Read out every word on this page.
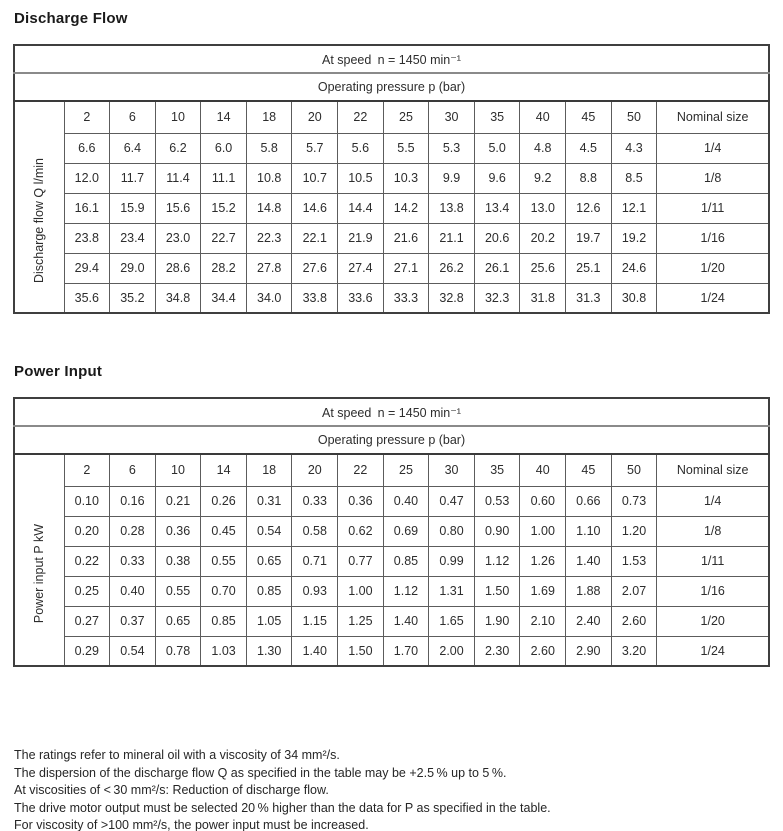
Discharge Flow
At speed n = 1450 min⁻¹														
Operating pressure p (bar)														
Discharge flow Q l/min	2	6	10	14	18	20	22	25	30	35	40	45	50	Nominal size
	6.6	6.4	6.2	6.0	5.8	5.7	5.6	5.5	5.3	5.0	4.8	4.5	4.3	1/4
	12.0	11.7	11.4	11.1	10.8	10.7	10.5	10.3	9.9	9.6	9.2	8.8	8.5	1/8
	16.1	15.9	15.6	15.2	14.8	14.6	14.4	14.2	13.8	13.4	13.0	12.6	12.1	1/11
	23.8	23.4	23.0	22.7	22.3	22.1	21.9	21.6	21.1	20.6	20.2	19.7	19.2	1/16
	29.4	29.0	28.6	28.2	27.8	27.6	27.4	27.1	26.2	26.1	25.6	25.1	24.6	1/20
	35.6	35.2	34.8	34.4	34.0	33.8	33.6	33.3	32.8	32.3	31.8	31.3	30.8	1/24
Power Input
At speed n = 1450 min⁻¹														
Operating pressure p (bar)														
Power input P kW	2	6	10	14	18	20	22	25	30	35	40	45	50	Nominal size
	0.10	0.16	0.21	0.26	0.31	0.33	0.36	0.40	0.47	0.53	0.60	0.66	0.73	1/4
	0.20	0.28	0.36	0.45	0.54	0.58	0.62	0.69	0.80	0.90	1.00	1.10	1.20	1/8
	0.22	0.33	0.38	0.55	0.65	0.71	0.77	0.85	0.99	1.12	1.26	1.40	1.53	1/11
	0.25	0.40	0.55	0.70	0.85	0.93	1.00	1.12	1.31	1.50	1.69	1.88	2.07	1/16
	0.27	0.37	0.65	0.85	1.05	1.15	1.25	1.40	1.65	1.90	2.10	2.40	2.60	1/20
	0.29	0.54	0.78	1.03	1.30	1.40	1.50	1.70	2.00	2.30	2.60	2.90	3.20	1/24
The ratings refer to mineral oil with a viscosity of 34 mm²/s.
The dispersion of the discharge flow Q as specified in the table may be +2.5 % up to 5 %.
At viscosities of < 30 mm²/s: Reduction of discharge flow.
The drive motor output must be selected 20 % higher than the data for P as specified in the table.
For viscosity of >100 mm²/s, the power input must be increased.
